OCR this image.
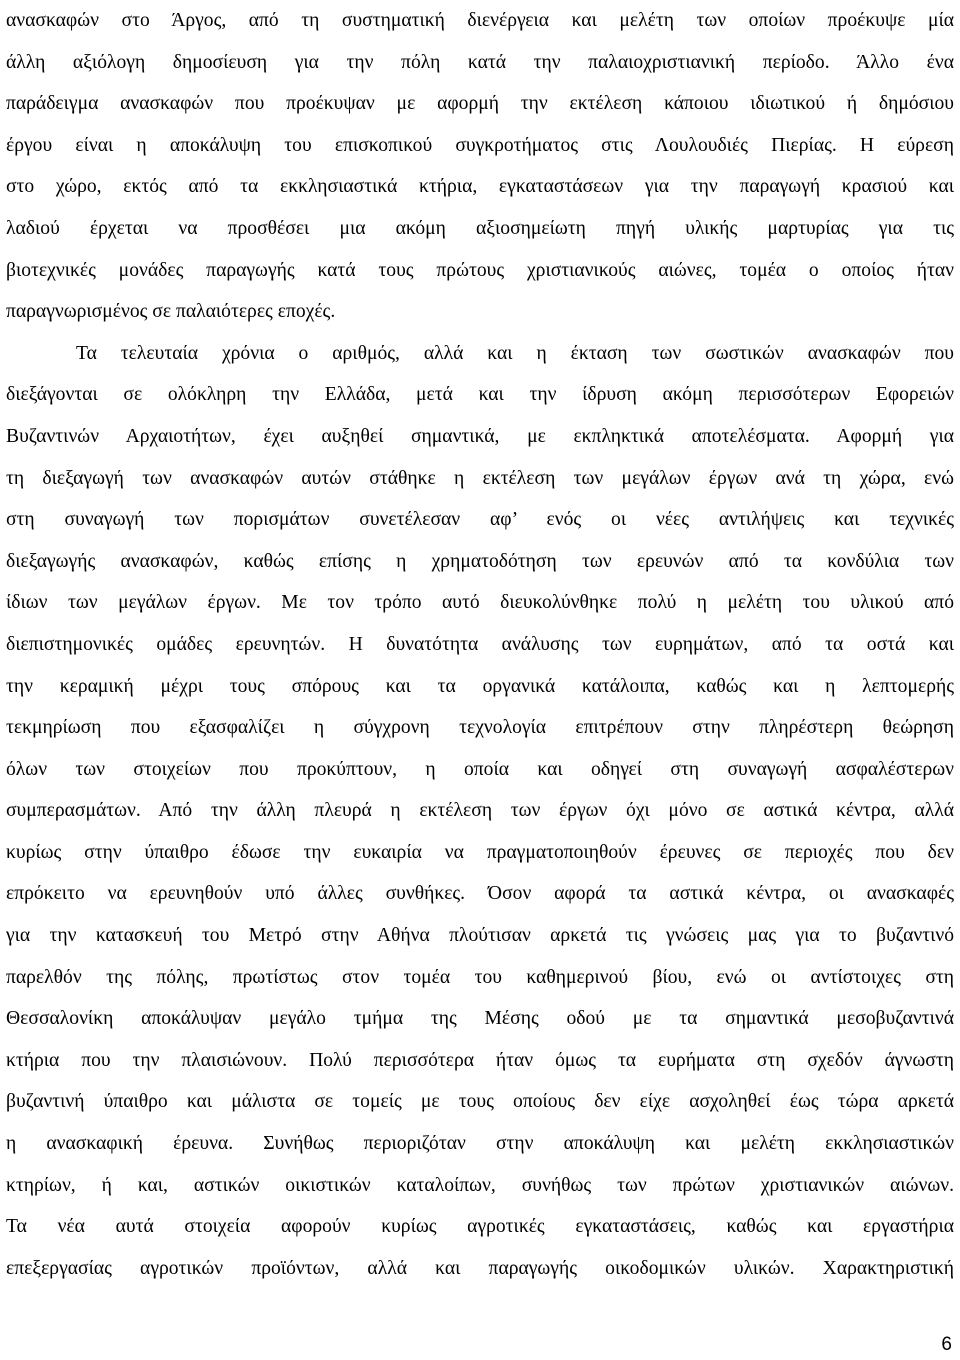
ανασκαφών στο Άργος, από τη συστηματική διενέργεια και μελέτη των οποίων προέκυψε μία
άλλη αξιόλογη δημοσίευση για την πόλη κατά την παλαιοχριστιανική περίοδο. Άλλο ένα
παράδειγμα ανασκαφών που προέκυψαν με αφορμή την εκτέλεση κάποιου ιδιωτικού ή δημόσιου
έργου είναι η αποκάλυψη του επισκοπικού συγκροτήματος στις Λουλουδιές Πιερίας. Η εύρεση
στο χώρο, εκτός από τα εκκλησιαστικά κτήρια, εγκαταστάσεων για την παραγωγή κρασιού και
λαδιού έρχεται να προσθέσει μια ακόμη αξιοσημείωτη πηγή υλικής μαρτυρίας για τις
βιοτεχνικές μονάδες παραγωγής κατά τους πρώτους χριστιανικούς αιώνες, τομέα ο οποίος ήταν
παραγνωρισμένος σε παλαιότερες εποχές.
Τα τελευταία χρόνια ο αριθμός, αλλά και η έκταση των σωστικών ανασκαφών που
διεξάγονται σε ολόκληρη την Ελλάδα, μετά και την ίδρυση ακόμη περισσότερων Εφορειών
Βυζαντινών Αρχαιοτήτων, έχει αυξηθεί σημαντικά, με εκπληκτικά αποτελέσματα. Αφορμή για
τη διεξαγωγή των ανασκαφών αυτών στάθηκε η εκτέλεση των μεγάλων έργων ανά τη χώρα, ενώ
στη συναγωγή των πορισμάτων συνετέλεσαν αφ’ ενός οι νέες αντιλήψεις και τεχνικές
διεξαγωγής ανασκαφών, καθώς επίσης η χρηματοδότηση των ερευνών από τα κονδύλια των
ίδιων των μεγάλων έργων. Με τον τρόπο αυτό διευκολύνθηκε πολύ η μελέτη του υλικού από
διεπιστημονικές ομάδες ερευνητών. Η δυνατότητα ανάλυσης των ευρημάτων, από τα οστά και
την κεραμική μέχρι τους σπόρους και τα οργανικά κατάλοιπα, καθώς και η λεπτομερής
τεκμηρίωση που εξασφαλίζει η σύγχρονη τεχνολογία επιτρέπουν στην πληρέστερη θεώρηση
όλων των στοιχείων που προκύπτουν, η οποία και οδηγεί στη συναγωγή ασφαλέστερων
συμπερασμάτων. Από την άλλη πλευρά η εκτέλεση των έργων όχι μόνο σε αστικά κέντρα, αλλά
κυρίως στην ύπαιθρο έδωσε την ευκαιρία να πραγματοποιηθούν έρευνες σε περιοχές που δεν
επρόκειτο να ερευνηθούν υπό άλλες συνθήκες. Όσον αφορά τα αστικά κέντρα, οι ανασκαφές
για την κατασκευή του Μετρό στην Αθήνα πλούτισαν αρκετά τις γνώσεις μας για το βυζαντινό
παρελθόν της πόλης, πρωτίστως στον τομέα του καθημερινού βίου, ενώ οι αντίστοιχες στη
Θεσσαλονίκη αποκάλυψαν μεγάλο τμήμα της Μέσης οδού με τα σημαντικά μεσοβυζαντινά
κτήρια που την πλαισιώνουν. Πολύ περισσότερα ήταν όμως τα ευρήματα στη σχεδόν άγνωστη
βυζαντινή ύπαιθρο και μάλιστα σε τομείς με τους οποίους δεν είχε ασχοληθεί έως τώρα αρκετά
η ανασκαφική έρευνα. Συνήθως περιοριζόταν στην αποκάλυψη και μελέτη εκκλησιαστικών
κτηρίων, ή και, αστικών οικιστικών καταλοίπων, συνήθως των πρώτων χριστιανικών αιώνων.
Τα νέα αυτά στοιχεία αφορούν κυρίως αγροτικές εγκαταστάσεις, καθώς και εργαστήρια
επεξεργασίας αγροτικών προϊόντων, αλλά και παραγωγής οικοδομικών υλικών. Χαρακτηριστική
6
